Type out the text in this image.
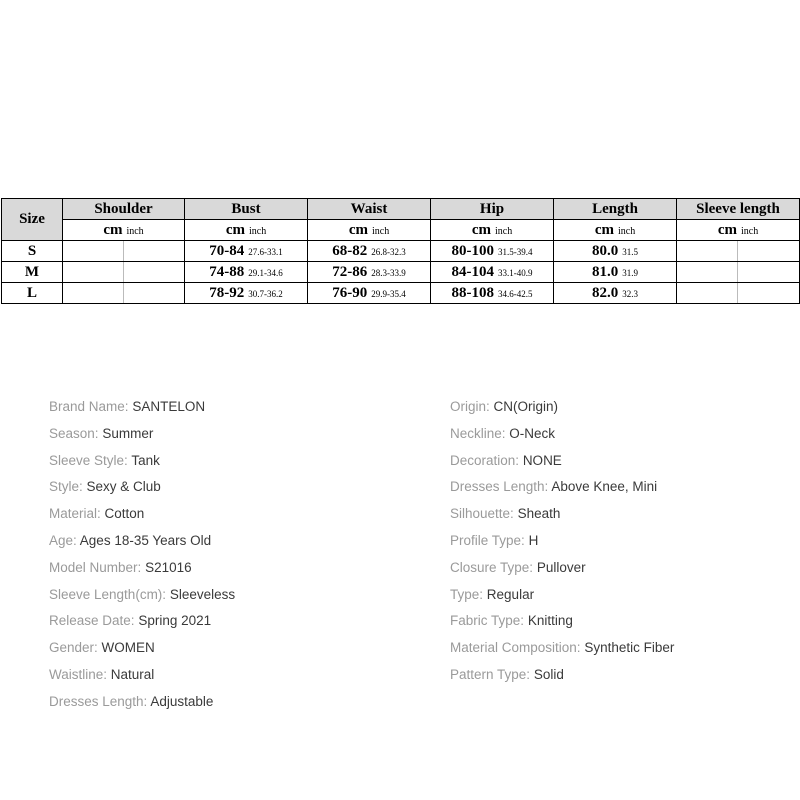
Size	Shoulder		Bust	Waist	Hip	Length	Sleeve length	
	cm inch		cm inch	cm inch	cm inch	cm inch	cm inch	
S			70-84 27.6-33.1	68-82 26.8-32.3	80-100 31.5-39.4	80.0 31.5		
M			74-88 29.1-34.6	72-86 28.3-33.9	84-104 33.1-40.9	81.0 31.9		
L			78-92 30.7-36.2	76-90 29.9-35.4	88-108 34.6-42.5	82.0 32.3		
Brand Name: SANTELON
Season: Summer
Sleeve Style: Tank
Style: Sexy & Club
Material: Cotton
Age: Ages 18-35 Years Old
Model Number: S21016
Sleeve Length(cm): Sleeveless
Release Date: Spring 2021
Gender: WOMEN
Waistline: Natural
Dresses Length: Adjustable
Origin: CN(Origin)
Neckline: O-Neck
Decoration: NONE
Dresses Length: Above Knee, Mini
Silhouette: Sheath
Profile Type: H
Closure Type: Pullover
Type: Regular
Fabric Type: Knitting
Material Composition: Synthetic Fiber
Pattern Type: Solid
